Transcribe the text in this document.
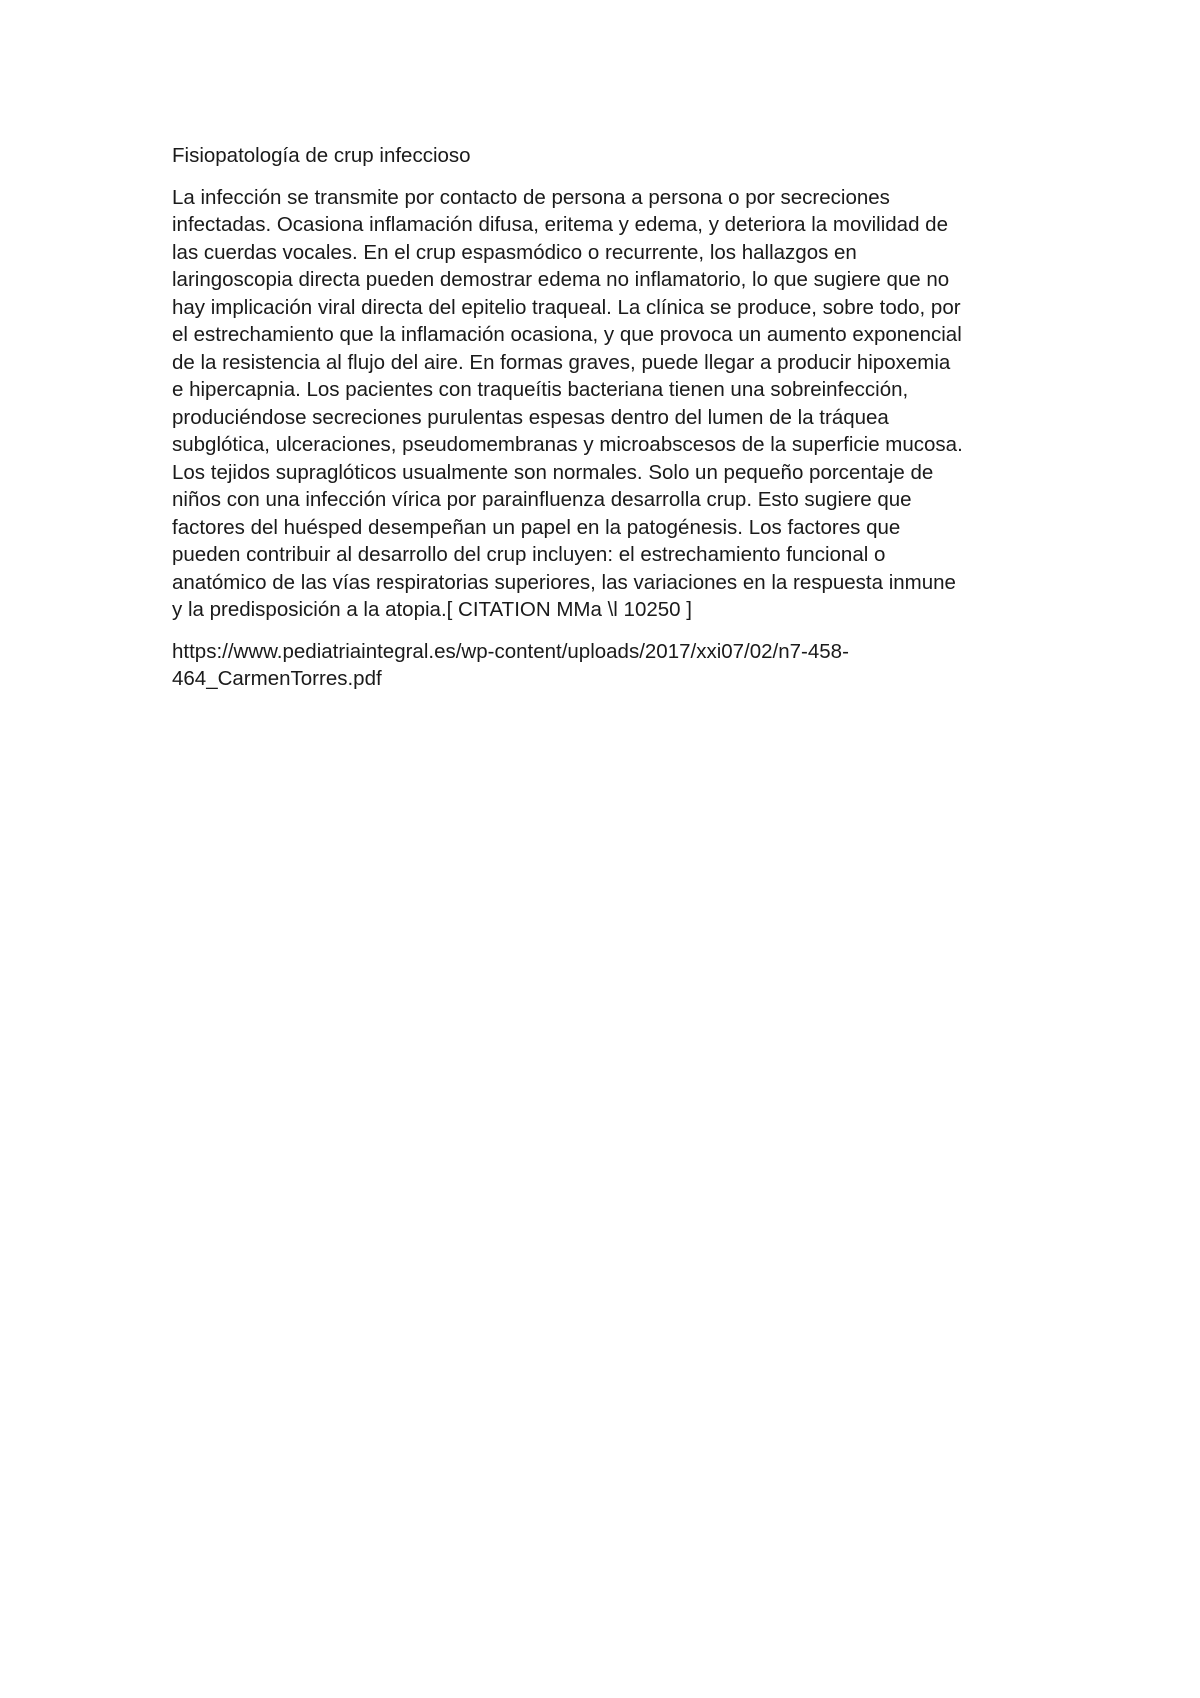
Fisiopatología de crup infeccioso

La infección se transmite por contacto de persona a persona o por secreciones
infectadas. Ocasiona inflamación difusa, eritema y edema, y deteriora la movilidad de
las cuerdas vocales. En el crup espasmódico o recurrente, los hallazgos en
laringoscopia directa pueden demostrar edema no inflamatorio, lo que sugiere que no
hay implicación viral directa del epitelio traqueal. La clínica se produce, sobre todo, por
el estrechamiento que la inflamación ocasiona, y que provoca un aumento exponencial
de la resistencia al flujo del aire. En formas graves, puede llegar a producir hipoxemia
e hipercapnia. Los pacientes con traqueítis bacteriana tienen una sobreinfección,
produciéndose secreciones purulentas espesas dentro del lumen de la tráquea
subglótica, ulceraciones, pseudomembranas y microabscesos de la superficie mucosa.
Los tejidos supraglóticos usualmente son normales. Solo un pequeño porcentaje de
niños con una infección vírica por parainfluenza desarrolla crup. Esto sugiere que
factores del huésped desempeñan un papel en la patogénesis. Los factores que
pueden contribuir al desarrollo del crup incluyen: el estrechamiento funcional o
anatómico de las vías respiratorias superiores, las variaciones en la respuesta inmune
y la predisposición a la atopia.[ CITATION MMa \l 10250 ]

https://www.pediatriaintegral.es/wp-content/uploads/2017/xxi07/02/n7-458-
464_CarmenTorres.pdf
